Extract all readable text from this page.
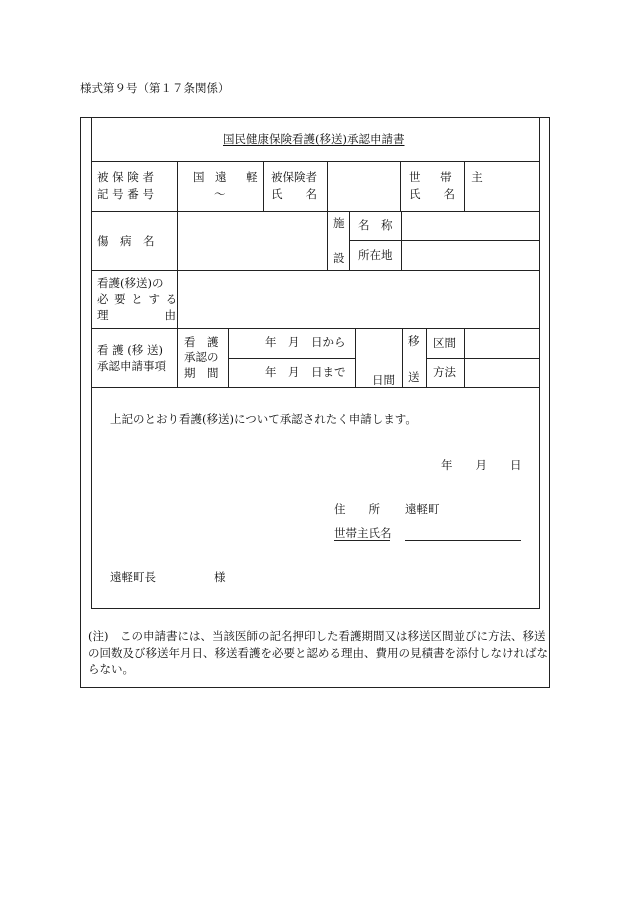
様式第９号（第１７条関係）
国民健康保険看護(移送)承認申請書
被 保 険 者
記 号 番 号
国 遠 軽
～
被保険者
氏　　名
世 帯 主
氏　　名
傷　病　名
施
設
名　称
所在地
看護(移送)の
必 要 と す る
理　　　　由
看 護 (移 送)
承認申請事項
看　護
承認の
期　間
年　月　日から
年　月　日まで
日間
移
送
区間
方法
上記のとおり看護(移送)について承認されたく申請します。
年　　月　　日
住　　所 遠軽町
世帯主氏名
遠軽町長	様
(注)　この申請書には、当該医師の記名押印した看護期間又は移送区間並びに方法、移送の回数及び移送年月日、移送看護を必要と認める理由、費用の見積書を添付しなければならない。
